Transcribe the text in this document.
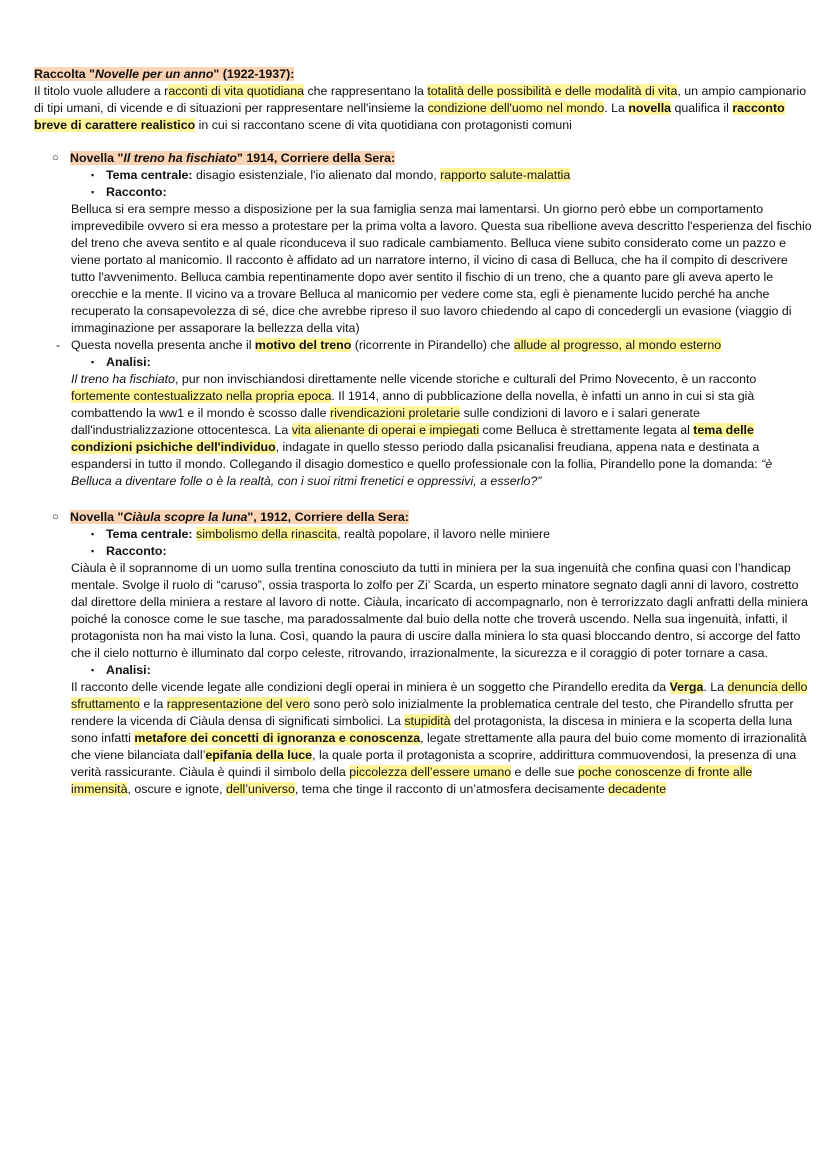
Raccolta "Novelle per un anno" (1922-1937):

Il titolo vuole alludere a racconti di vita quotidiana che rappresentano la totalità delle possibilità e delle modalità di vita, un ampio campionario di tipi umani, di vicende e di situazioni per rappresentare nell'insieme la condizione dell'uomo nel mondo. La novella qualifica il racconto breve di carattere realistico in cui si raccontano scene di vita quotidiana con protagonisti comuni

○ Novella "Il treno ha fischiato" 1914, Corriere della Sera:

▪ Tema centrale: disagio esistenziale, l'io alienato dal mondo, rapporto salute-malattia

▪ Racconto:

Belluca si era sempre messo a disposizione per la sua famiglia senza mai lamentarsi. Un giorno però ebbe un comportamento imprevedibile ovvero si era messo a protestare per la prima volta a lavoro. Questa sua ribellione aveva descritto l'esperienza del fischio del treno che aveva sentito e al quale riconduceva il suo radicale cambiamento. Belluca viene subito considerato come un pazzo e viene portato al manicomio. Il racconto è affidato ad un narratore interno, il vicino di casa di Belluca, che ha il compito di descrivere tutto l'avvenimento. Belluca cambia repentinamente dopo aver sentito il fischio di un treno, che a quanto pare gli aveva aperto le orecchie e la mente. Il vicino va a trovare Belluca al manicomio per vedere come sta, egli è pienamente lucido perché ha anche recuperato la consapevolezza di sé, dice che avrebbe ripreso il suo lavoro chiedendo al capo di concedergli un evasione (viaggio di immaginazione per assaporare la bellezza della vita)

- Questa novella presenta anche il motivo del treno (ricorrente in Pirandello) che allude al progresso, al mondo esterno

▪ Analisi:

Il treno ha fischiato, pur non invischiandosi direttamente nelle vicende storiche e culturali del Primo Novecento, è un racconto fortemente contestualizzato nella propria epoca. Il 1914, anno di pubblicazione della novella, è infatti un anno in cui si sta già combattendo la ww1 e il mondo è scosso dalle rivendicazioni proletarie sulle condizioni di lavoro e i salari generate dall'industrializzazione ottocentesca. La vita alienante di operai e impiegati come Belluca è strettamente legata al tema delle condizioni psichiche dell'individuo, indagate in quello stesso periodo dalla psicanalisi freudiana, appena nata e destinata a espandersi in tutto il mondo. Collegando il disagio domestico e quello professionale con la follia, Pirandello pone la domanda: “è Belluca a diventare folle o è la realtà, con i suoi ritmi frenetici e oppressivi, a esserlo?”

○ Novella "Ciàula scopre la luna", 1912, Corriere della Sera:

▪ Tema centrale: simbolismo della rinascita, realtà popolare, il lavoro nelle miniere

▪ Racconto:

Ciàula è il soprannome di un uomo sulla trentina conosciuto da tutti in miniera per la sua ingenuità che confina quasi con l’handicap mentale. Svolge il ruolo di “caruso”, ossia trasporta lo zolfo per Zi’ Scarda, un esperto minatore segnato dagli anni di lavoro, costretto dal direttore della miniera a restare al lavoro di notte. Ciàula, incaricato di accompagnarlo, non è terrorizzato dagli anfratti della miniera poiché la conosce come le sue tasche, ma paradossalmente dal buio della notte che troverà uscendo. Nella sua ingenuità, infatti, il protagonista non ha mai visto la luna. Così, quando la paura di uscire dalla miniera lo sta quasi bloccando dentro, si accorge del fatto che il cielo notturno è illuminato dal corpo celeste, ritrovando, irrazionalmente, la sicurezza e il coraggio di poter tornare a casa.

▪ Analisi:

Il racconto delle vicende legate alle condizioni degli operai in miniera è un soggetto che Pirandello eredita da Verga. La denuncia dello sfruttamento e la rappresentazione del vero sono però solo inizialmente la problematica centrale del testo, che Pirandello sfrutta per rendere la vicenda di Ciàula densa di significati simbolici. La stupidità del protagonista, la discesa in miniera e la scoperta della luna sono infatti metafore dei concetti di ignoranza e conoscenza, legate strettamente alla paura del buio come momento di irrazionalità che viene bilanciata dall’epifania della luce, la quale porta il protagonista a scoprire, addirittura commuovendosi, la presenza di una verità rassicurante. Ciàula è quindi il simbolo della piccolezza dell’essere umano e delle sue poche conoscenze di fronte alle immensità, oscure e ignote, dell’universo, tema che tinge il racconto di un’atmosfera decisamente decadente
